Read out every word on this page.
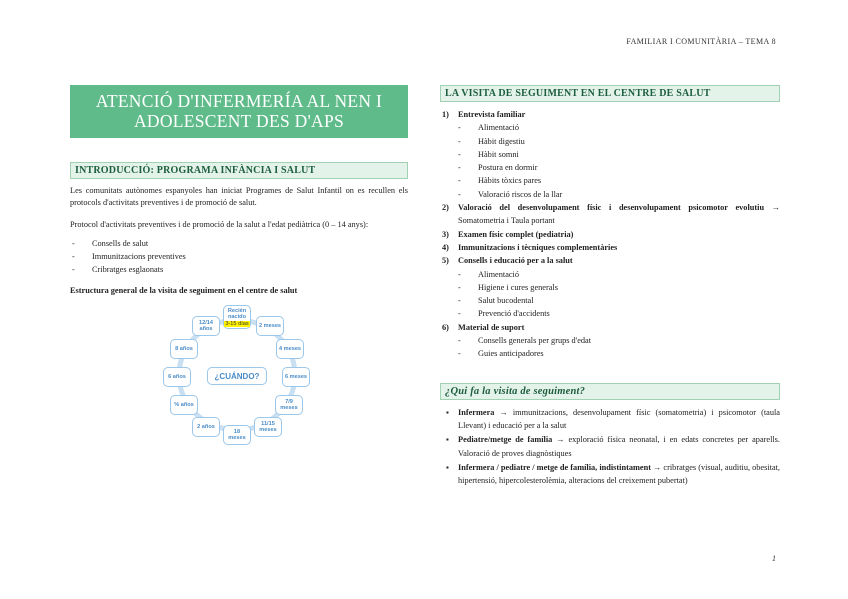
FAMILIAR I COMUNITÀRIA – TEMA 8
ATENCIÓ D'INFERMERÍA AL NEN I ADOLESCENT DES D'APS
INTRODUCCIÓ: PROGRAMA INFÀNCIA I SALUT

Les comunitats autònomes espanyoles han iniciat Programes de Salut Infantil on es recullen els protocols d'activitats preventives i de promoció de salut.

Protocol d'activitats preventives i de promoció de la salut a l'edat pediàtrica (0 – 14 anys):

- Consells de salut
- Immunitzacions preventives
- Cribratges esglaonats

Estructura general de la visita de seguiment en el centre de salut

¿CUÁNDO?
Recién
nacido
3-15 días 2 meses
4 meses
6 meses
7/9
meses
11/15
meses
18
meses
2 años
% años
6 años
8 años
12/14
años
LA VISITA DE SEGUIMENT EN EL CENTRE DE SALUT
1) Entrevista familiar
- Alimentació
- Hàbit digestiu
- Hàbit somni
- Postura en dormir
- Hàbits tòxics pares
- Valoració riscos de la llar
2) Valoració del desenvolupament físic i desenvolupament psicomotor evolutiu → Somatometria i Taula portant
3) Examen físic complet (pediatria)
4) Immunitzacions i tècniques complementàries
5) Consells i educació per a la salut
- Alimentació
- Higiene i cures generals
- Salut bucodental
- Prevenció d'accidents
6) Material de suport
- Consells generals per grups d'edat
- Guies anticipadores
¿Qui fa la visita de seguiment?
▪ Infermera → immunitzacions, desenvolupament físic (somatometria) i psicomotor (taula Llevant) i educació per a la salut
▪ Pediatre/metge de família → exploració física neonatal, i en edats concretes per aparells. Valoració de proves diagnòstiques
▪ Infermera / pediatre / metge de família, indistintament → cribratges (visual, auditiu, obesitat, hipertensió, hipercolesterolèmia, alteracions del creixement pubertat)
1
